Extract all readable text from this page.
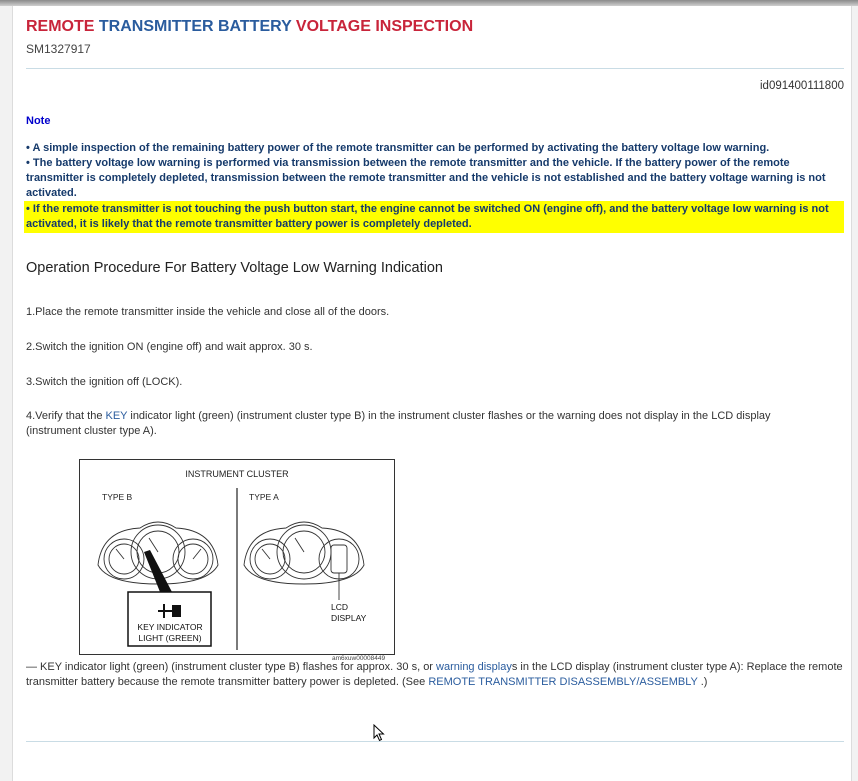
REMOTE TRANSMITTER BATTERY VOLTAGE INSPECTION
SM1327917
id091400111800
Note

• A simple inspection of the remaining battery power of the remote transmitter can be performed by activating the battery voltage low warning.

• The battery voltage low warning is performed via transmission between the remote transmitter and the vehicle. If the battery power of the remote transmitter is completely depleted, transmission between the remote transmitter and the vehicle is not established and the battery voltage warning is not activated.

• If the remote transmitter is not touching the push button start, the engine cannot be switched ON (engine off), and the battery voltage low warning is not activated, it is likely that the remote transmitter battery power is completely depleted.

Operation Procedure For Battery Voltage Low Warning Indication
1.Place the remote transmitter inside the vehicle and close all of the doors.
2.Switch the ignition ON (engine off) and wait approx. 30 s.
3.Switch the ignition off (LOCK).
4.Verify that the KEY indicator light (green) (instrument cluster type B) in the instrument cluster flashes or the warning does not display in the LCD display (instrument cluster type A).
INSTRUMENT CLUSTER
TYPE B	TYPE A
KEY INDICATOR
LIGHT (GREEN)
LCD
DISPLAY
am6xuw00008449
— KEY indicator light (green) (instrument cluster type B) flashes for approx. 30 s, or warning displays in the LCD display (instrument cluster type A): Replace the remote transmitter battery because the remote transmitter battery power is depleted. (See REMOTE TRANSMITTER DISASSEMBLY/ASSEMBLY .)
